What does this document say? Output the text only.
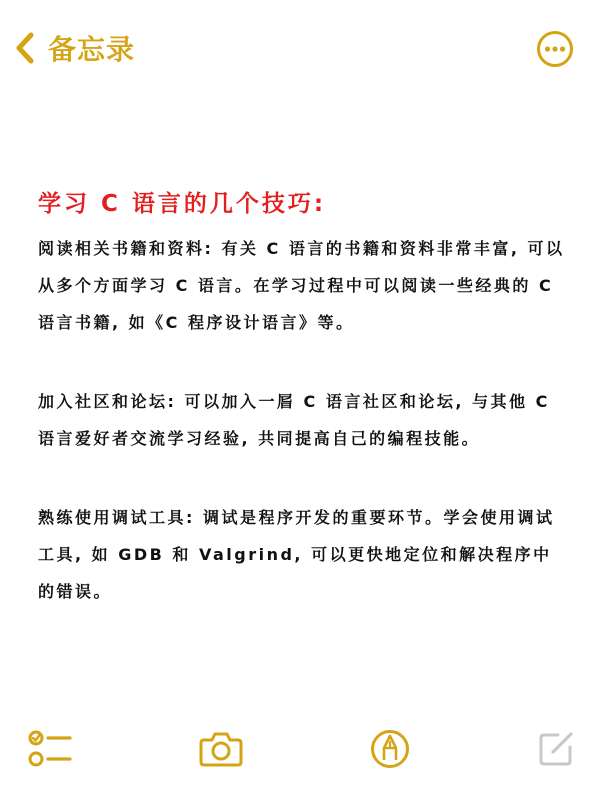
备忘录
学习 C 语言的几个技巧:

阅读相关书籍和资料: 有关 C 语言的书籍和资料非常丰富, 可以从多个方面学习 C 语言。在学习过程中可以阅读一些经典的 C 语言书籍, 如《C 程序设计语言》等。

加入社区和论坛: 可以加入一㞓 C 语言社区和论坛, 与其他 C 语言爱好者交流学习经验, 共同提高自己的编程技能。

熟练使用调试工具: 调试是程序开发的重要环节。学会使用调试工具, 如 GDB 和 Valgrind, 可以更快地定位和解决程序中的错误。
